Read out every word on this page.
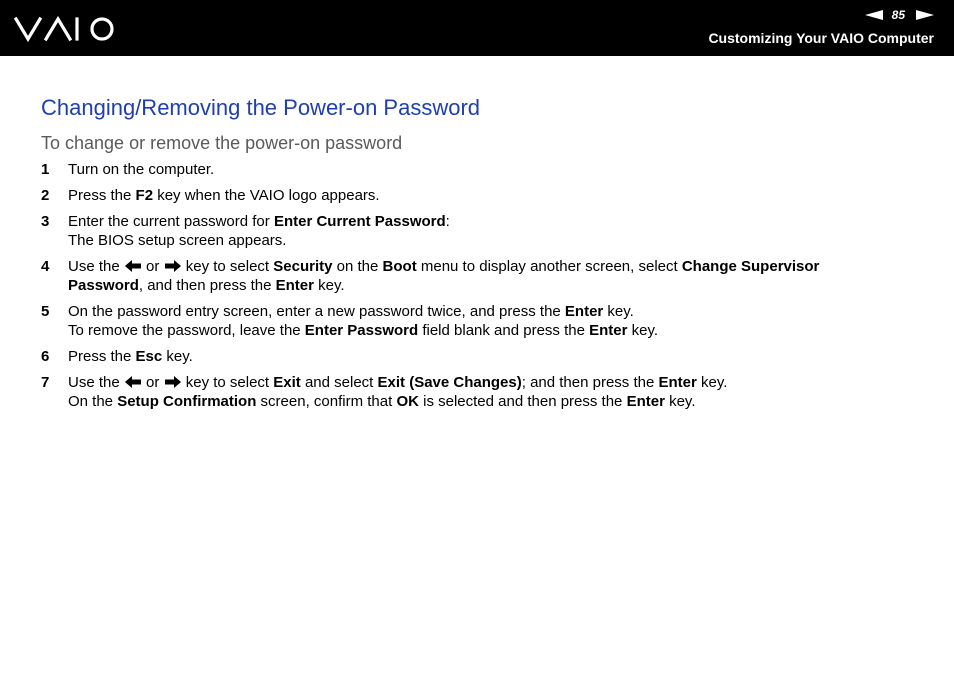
85
Customizing Your VAIO Computer
Changing/Removing the Power-on Password
To change or remove the power-on password
1 Turn on the computer.
2 Press the F2 key when the VAIO logo appears.
3 Enter the current password for Enter Current Password:
The BIOS setup screen appears.
4 Use the  or  key to select Security on the Boot menu to display another screen, select Change Supervisor
Password, and then press the Enter key.
5 On the password entry screen, enter a new password twice, and press the Enter key.
To remove the password, leave the Enter Password field blank and press the Enter key.
6 Press the Esc key.
7 Use the  or  key to select Exit and select Exit (Save Changes); and then press the Enter key.
On the Setup Confirmation screen, confirm that OK is selected and then press the Enter key.
